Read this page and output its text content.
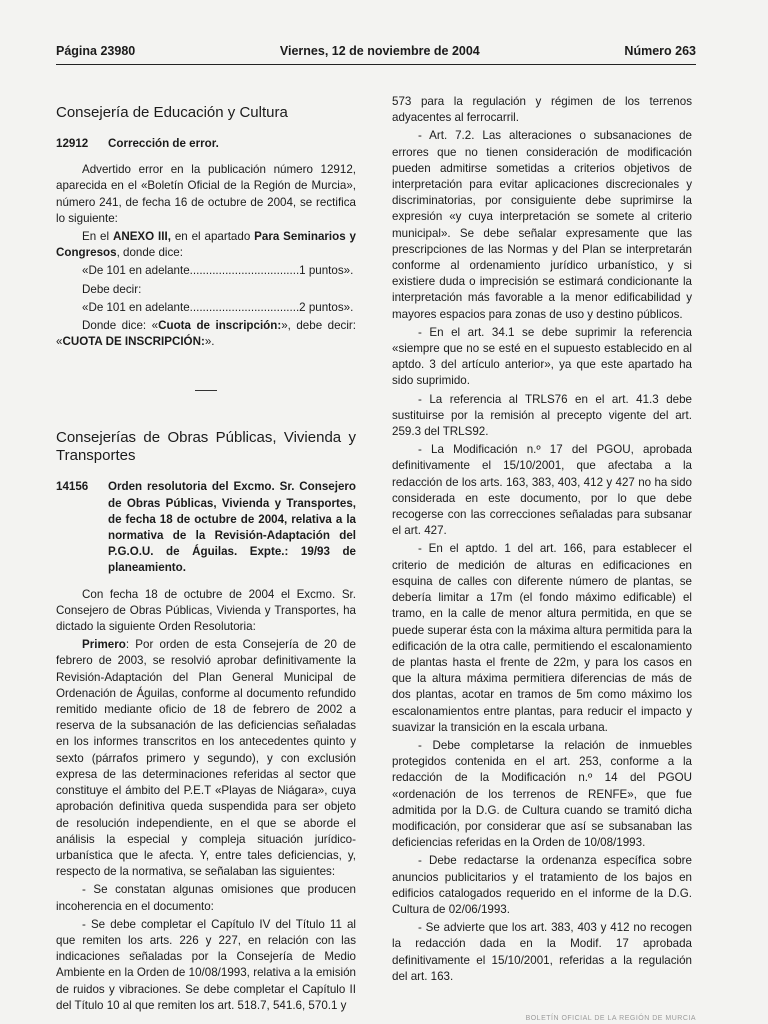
Página 23980	Viernes, 12 de noviembre de 2004	Número 263
Consejería de Educación y Cultura
12912	Corrección de error.

Advertido error en la publicación número 12912, aparecida en el «Boletín Oficial de la Región de Murcia», número 241, de fecha 16 de octubre de 2004, se rectifica lo siguiente:

En el ANEXO III, en el apartado Para Seminarios y Congresos, donde dice:

«De 101 en adelante..................................1 puntos».

Debe decir:

«De 101 en adelante..................................2 puntos».

Donde dice: «Cuota de inscripción:», debe decir: «CUOTA DE INSCRIPCIÓN:».

Consejerías de Obras Públicas, Vivienda y Transportes
14156	Orden resolutoria del Excmo. Sr. Consejero de Obras Públicas, Vivienda y Transportes, de fecha 18 de octubre de 2004, relativa a la normativa de la Revisión-Adaptación del P.G.O.U. de Águilas. Expte.: 19/93 de planeamiento.

Con fecha 18 de octubre de 2004 el Excmo. Sr. Consejero de Obras Públicas, Vivienda y Transportes, ha dictado la siguiente Orden Resolutoria:

Primero: Por orden de esta Consejería de 20 de febrero de 2003, se resolvió aprobar definitivamente la Revisión-Adaptación del Plan General Municipal de Ordenación de Águilas, conforme al documento refundido remitido mediante oficio de 18 de febrero de 2002 a reserva de la subsanación de las deficiencias señaladas en los informes transcritos en los antecedentes quinto y sexto (párrafos primero y segundo), y con exclusión expresa de las determinaciones referidas al sector que constituye el ámbito del P.E.T «Playas de Niágara», cuya aprobación definitiva queda suspendida para ser objeto de resolución independiente, en el que se aborde el análisis la especial y compleja situación jurídico-urbanística que le afecta. Y, entre tales deficiencias, y, respecto de la normativa, se señalaban las siguientes:

- Se constatan algunas omisiones que producen incoherencia en el documento:

- Se debe completar el Capítulo IV del Título 11 al que remiten los arts. 226 y 227, en relación con las indicaciones señaladas por la Consejería de Medio Ambiente en la Orden de 10/08/1993, relativa a la emisión de ruidos y vibraciones. Se debe completar el Capítulo II del Título 10 al que remiten los art. 518.7, 541.6, 570.1 y

573 para la regulación y régimen de los terrenos adyacentes al ferrocarril.

- Art. 7.2. Las alteraciones o subsanaciones de errores que no tienen consideración de modificación pueden admitirse sometidas a criterios objetivos de interpretación para evitar aplicaciones discrecionales y discriminatorias, por consiguiente debe suprimirse la expresión «y cuya interpretación se somete al criterio municipal». Se debe señalar expresamente que las prescripciones de las Normas y del Plan se interpretarán conforme al ordenamiento jurídico urbanístico, y si existiere duda o imprecisión se estimará condicionante la interpretación más favorable a la menor edificabilidad y mayores espacios para zonas de uso y destino públicos.

- En el art. 34.1 se debe suprimir la referencia «siempre que no se esté en el supuesto establecido en al aptdo. 3 del artículo anterior», ya que este apartado ha sido suprimido.

- La referencia al TRLS76 en el art. 41.3 debe sustituirse por la remisión al precepto vigente del art. 259.3 del TRLS92.

- La Modificación n.º 17 del PGOU, aprobada definitivamente el 15/10/2001, que afectaba a la redacción de los arts. 163, 383, 403, 412 y 427 no ha sido considerada en este documento, por lo que debe recogerse con las correcciones señaladas para subsanar el art. 427.

- En el aptdo. 1 del art. 166, para establecer el criterio de medición de alturas en edificaciones en esquina de calles con diferente número de plantas, se debería limitar a 17m (el fondo máximo edificable) el tramo, en la calle de menor altura permitida, en que se puede superar ésta con la máxima altura permitida para la edificación de la otra calle, permitiendo el escalonamiento de plantas hasta el frente de 22m, y para los casos en que la altura máxima permitiera diferencias de más de dos plantas, acotar en tramos de 5m como máximo los escalonamientos entre plantas, para reducir el impacto y suavizar la transición en la escala urbana.

- Debe completarse la relación de inmuebles protegidos contenida en el art. 253, conforme a la redacción de la Modificación n.º 14 del PGOU «ordenación de los terrenos de RENFE», que fue admitida por la D.G. de Cultura cuando se tramitó dicha modificación, por considerar que así se subsanaban las deficiencias referidas en la Orden de 10/08/1993.

- Debe redactarse la ordenanza específica sobre anuncios publicitarios y el tratamiento de los bajos en edificios catalogados requerido en el informe de la D.G. Cultura de 02/06/1993.

- Se advierte que los art. 383, 403 y 412 no recogen la redacción dada en la Modif. 17 aprobada definitivamente el 15/10/2001, referidas a la regulación del art. 163.

BOLETÍN OFICIAL DE LA REGIÓN DE MURCIA
